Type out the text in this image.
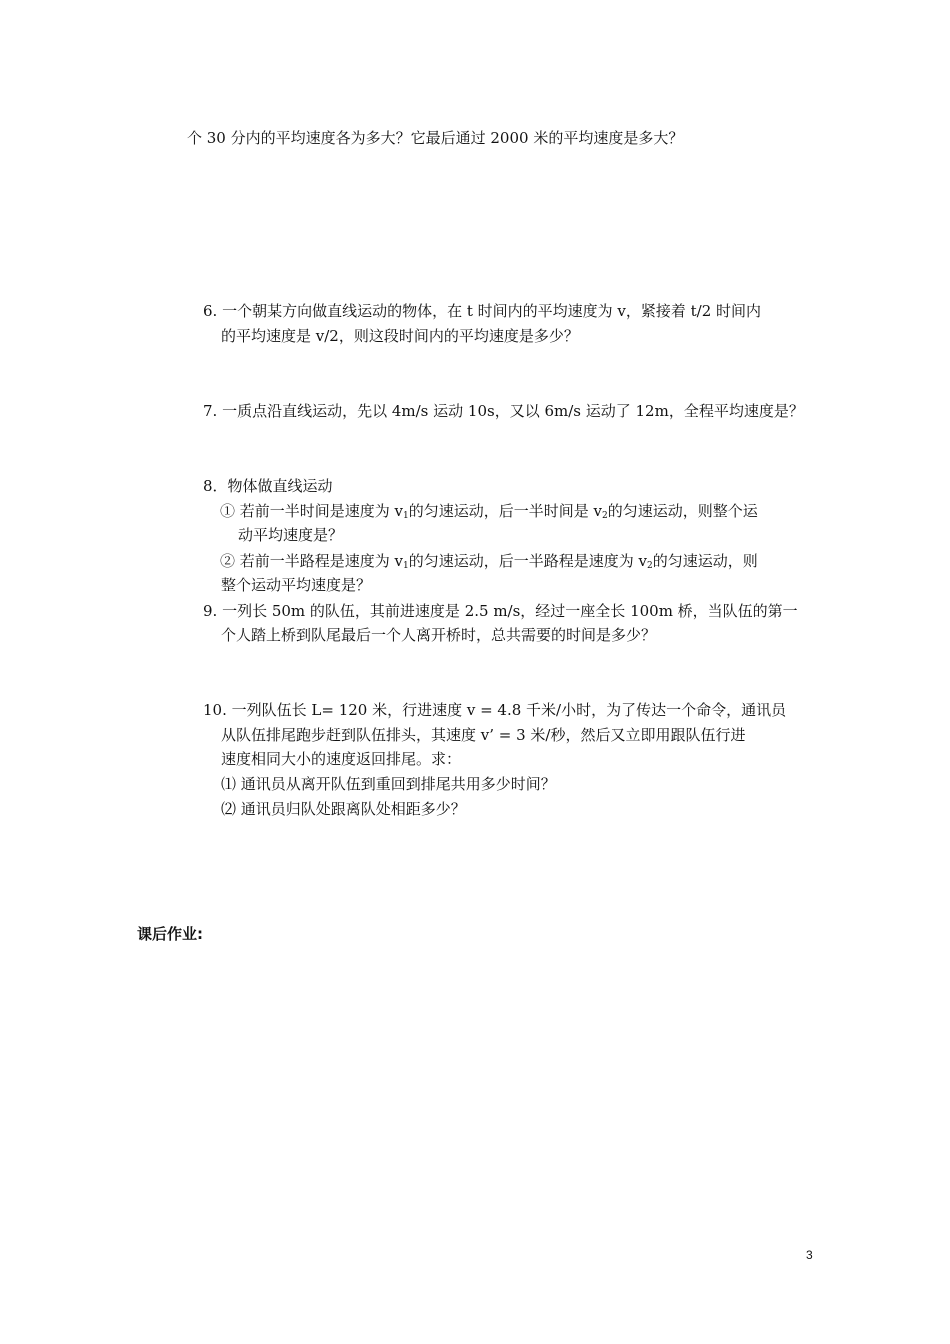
个 30 分内的平均速度各为多大？它最后通过 2000 米的平均速度是多大？
6. 一个朝某方向做直线运动的物体，在 t 时间内的平均速度为 v，紧接着 t/2 时间内
的平均速度是 v/2，则这段时间内的平均速度是多少？
7. 一质点沿直线运动，先以 4m/s 运动 10s，又以 6m/s 运动了 12m，全程平均速度是？
8．物体做直线运动
① 若前一半时间是速度为 $v_1$的匀速运动，后一半时间是 $v_2$的匀速运动，则整个运
动平均速度是？
② 若前一半路程是速度为 $v_1$的匀速运动，后一半路程是速度为 $v_2$的匀速运动，则
整个运动平均速度是？
9. 一列长 50m 的队伍，其前进速度是 2.5 m/s，经过一座全长 100m 桥，当队伍的第一
个人踏上桥到队尾最后一个人离开桥时，总共需要的时间是多少？
10. 一列队伍长 L= 120 米，行进速度 v = 4.8 千米/小时，为了传达一个命令，通讯员
从队伍排尾跑步赶到队伍排头，其速度 v’ = 3 米/秒，然后又立即用跟队伍行进
速度相同大小的速度返回排尾。求：
⑴ 通讯员从离开队伍到重回到排尾共用多少时间？
⑵ 通讯员归队处跟离队处相距多少？
课后作业:
3
